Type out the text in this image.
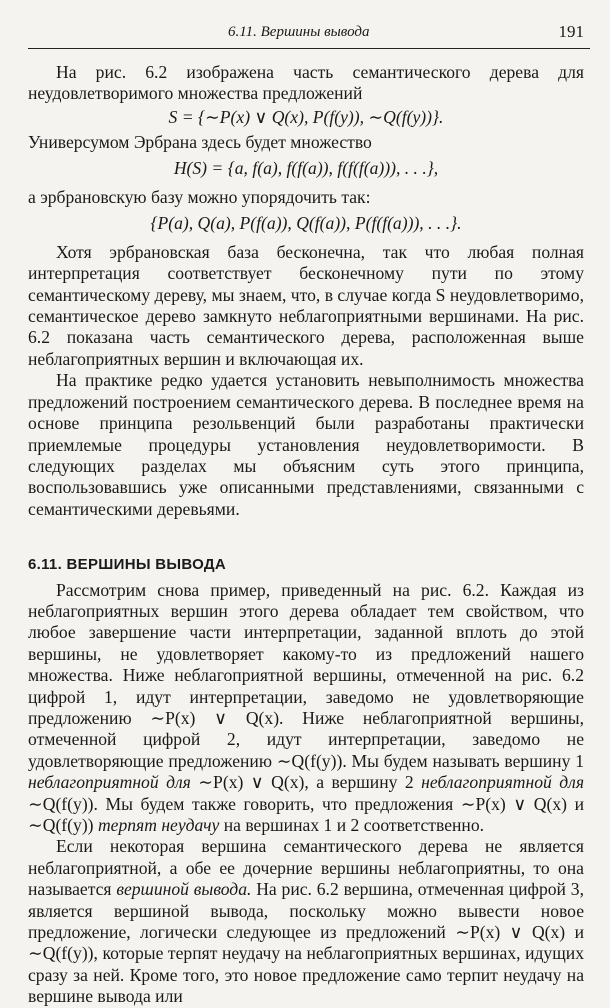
6.11. Вершины вывода	191

На рис. 6.2 изображена часть семантического дерева для неудовлетворимого множества предложений

S = {∼P(x) ∨ Q(x), P(f(y)), ∼Q(f(y))}.

Универсумом Эрбрана здесь будет множество

H(S) = {a, f(a), f(f(a)), f(f(f(a))), . . .},

а эрбрановскую базу можно упорядочить так:

{P(a), Q(a), P(f(a)), Q(f(a)), P(f(f(a))), . . .}.

Хотя эрбрановская база бесконечна, так что любая полная интерпретация соответствует бесконечному пути по этому семантическому дереву, мы знаем, что, в случае когда S неудовлетворимо, семантическое дерево замкнуто неблагоприятными вершинами. На рис. 6.2 показана часть семантического дерева, расположенная выше неблагоприятных вершин и включающая их.

На практике редко удается установить невыполнимость множества предложений построением семантического дерева. В последнее время на основе принципа резольвенций были разработаны практически приемлемые процедуры установления неудовлетворимости. В следующих разделах мы объясним суть этого принципа, воспользовавшись уже описанными представлениями, связанными с семантическими деревьями.

6.11. ВЕРШИНЫ ВЫВОДА

Рассмотрим снова пример, приведенный на рис. 6.2. Каждая из неблагоприятных вершин этого дерева обладает тем свойством, что любое завершение части интерпретации, заданной вплоть до этой вершины, не удовлетворяет какому-то из предложений нашего множества. Ниже неблагоприятной вершины, отмеченной на рис. 6.2 цифрой 1, идут интерпретации, заведомо не удовлетворяющие предложению ∼P(x) ∨ Q(x). Ниже неблагоприятной вершины, отмеченной цифрой 2, идут интерпретации, заведомо не удовлетворяющие предложению ∼Q(f(y)). Мы будем называть вершину 1 неблагоприятной для ∼P(x) ∨ Q(x), а вершину 2 неблагоприятной для ∼Q(f(y)). Мы будем также говорить, что предложения ∼P(x) ∨ Q(x) и ∼Q(f(y)) терпят неудачу на вершинах 1 и 2 соответственно.

Если некоторая вершина семантического дерева не является неблагоприятной, а обе ее дочерние вершины неблагоприятны, то она называется вершиной вывода. На рис. 6.2 вершина, отмеченная цифрой 3, является вершиной вывода, поскольку можно вывести новое предложение, логически следующее из предложений ∼P(x) ∨ Q(x) и ∼Q(f(y)), которые терпят неудачу на неблагоприятных вершинах, идущих сразу за ней. Кроме того, это новое предложение само терпит неудачу на вершине вывода или
